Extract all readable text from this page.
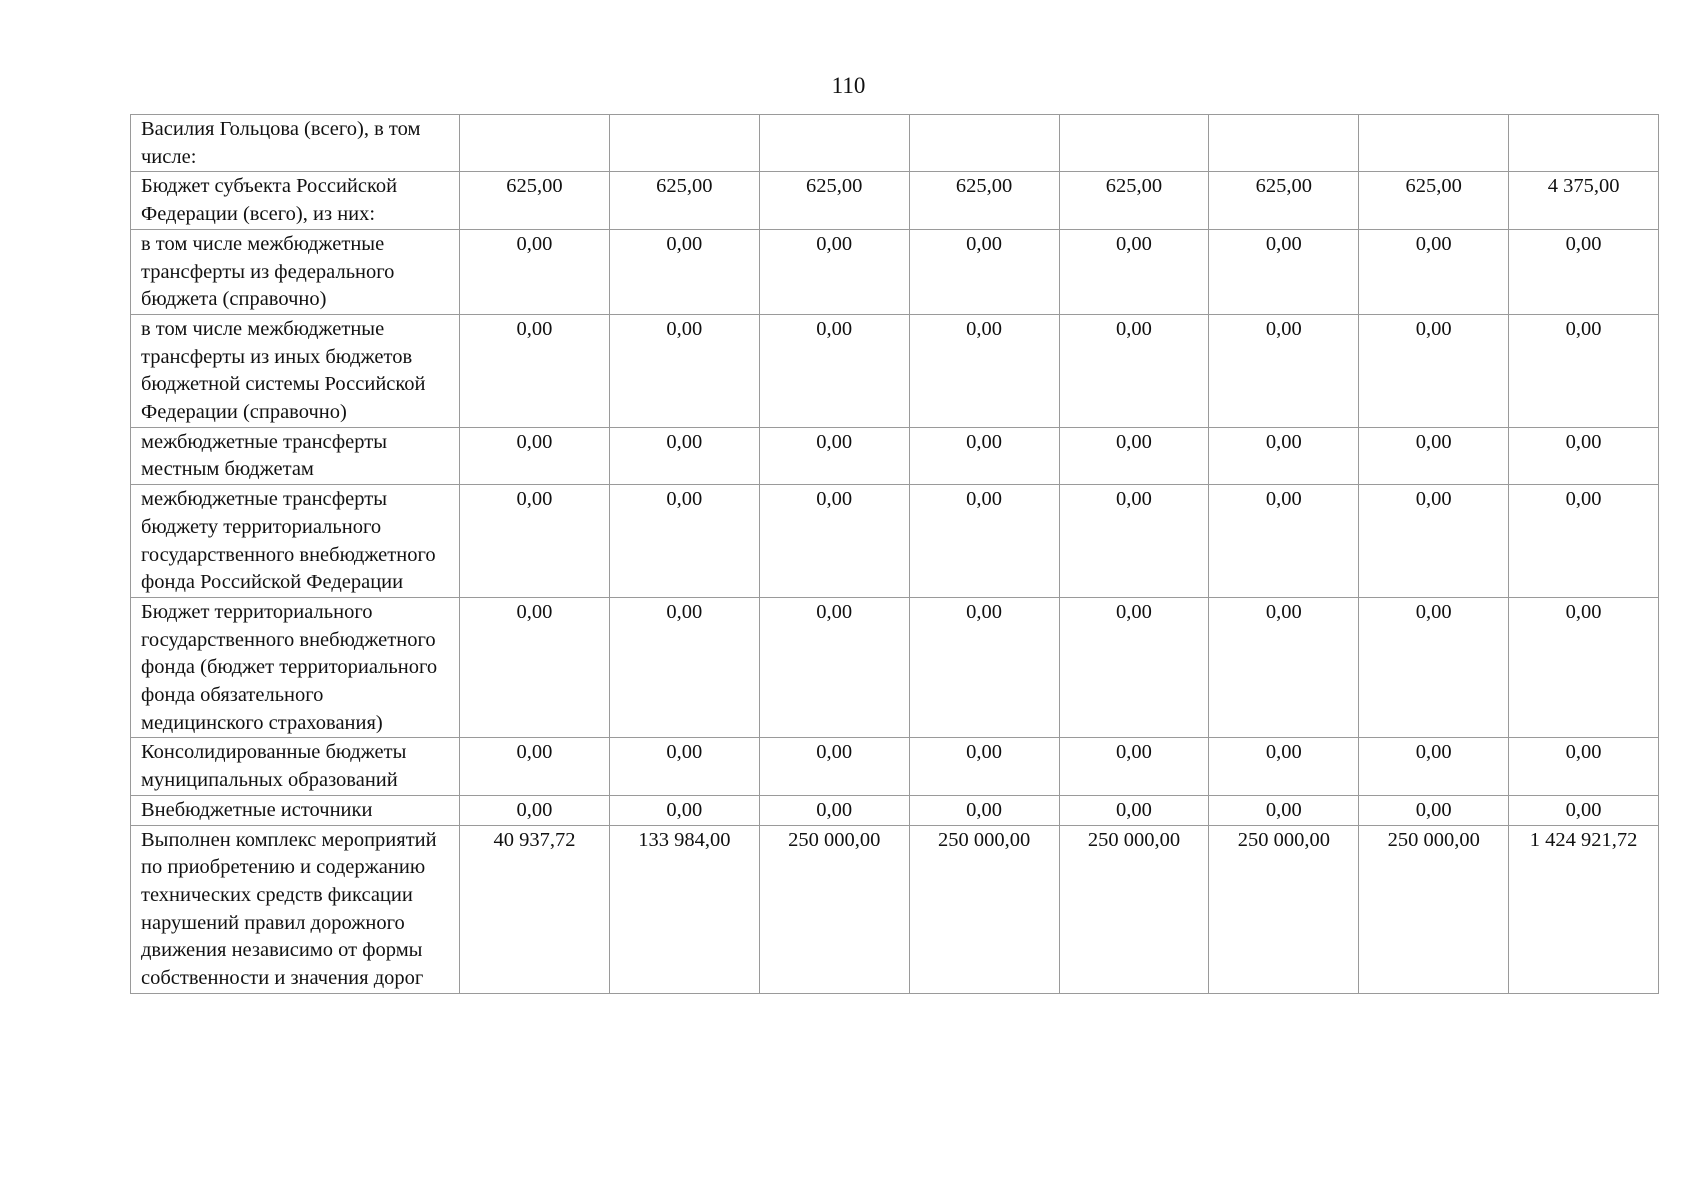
110
Василия Гольцова (всего), в том числе:								
Бюджет субъекта Российской Федерации (всего), из них:	625,00	625,00	625,00	625,00	625,00	625,00	625,00	4 375,00
в том числе межбюджетные трансферты из федерального бюджета (справочно)	0,00	0,00	0,00	0,00	0,00	0,00	0,00	0,00
в том числе межбюджетные трансферты из иных бюджетов бюджетной системы Российской Федерации (справочно)	0,00	0,00	0,00	0,00	0,00	0,00	0,00	0,00
межбюджетные трансферты местным бюджетам	0,00	0,00	0,00	0,00	0,00	0,00	0,00	0,00
межбюджетные трансферты бюджету территориального государственного внебюджетного фонда Российской Федерации	0,00	0,00	0,00	0,00	0,00	0,00	0,00	0,00
Бюджет территориального государственного внебюджетного фонда (бюджет территориального фонда обязательного медицинского страхования)	0,00	0,00	0,00	0,00	0,00	0,00	0,00	0,00
Консолидированные бюджеты муниципальных образований	0,00	0,00	0,00	0,00	0,00	0,00	0,00	0,00
Внебюджетные источники	0,00	0,00	0,00	0,00	0,00	0,00	0,00	0,00
Выполнен комплекс мероприятий по приобретению и содержанию технических средств фиксации нарушений правил дорожного движения независимо от формы собственности и значения дорог	40 937,72	133 984,00	250 000,00	250 000,00	250 000,00	250 000,00	250 000,00	1 424 921,72
